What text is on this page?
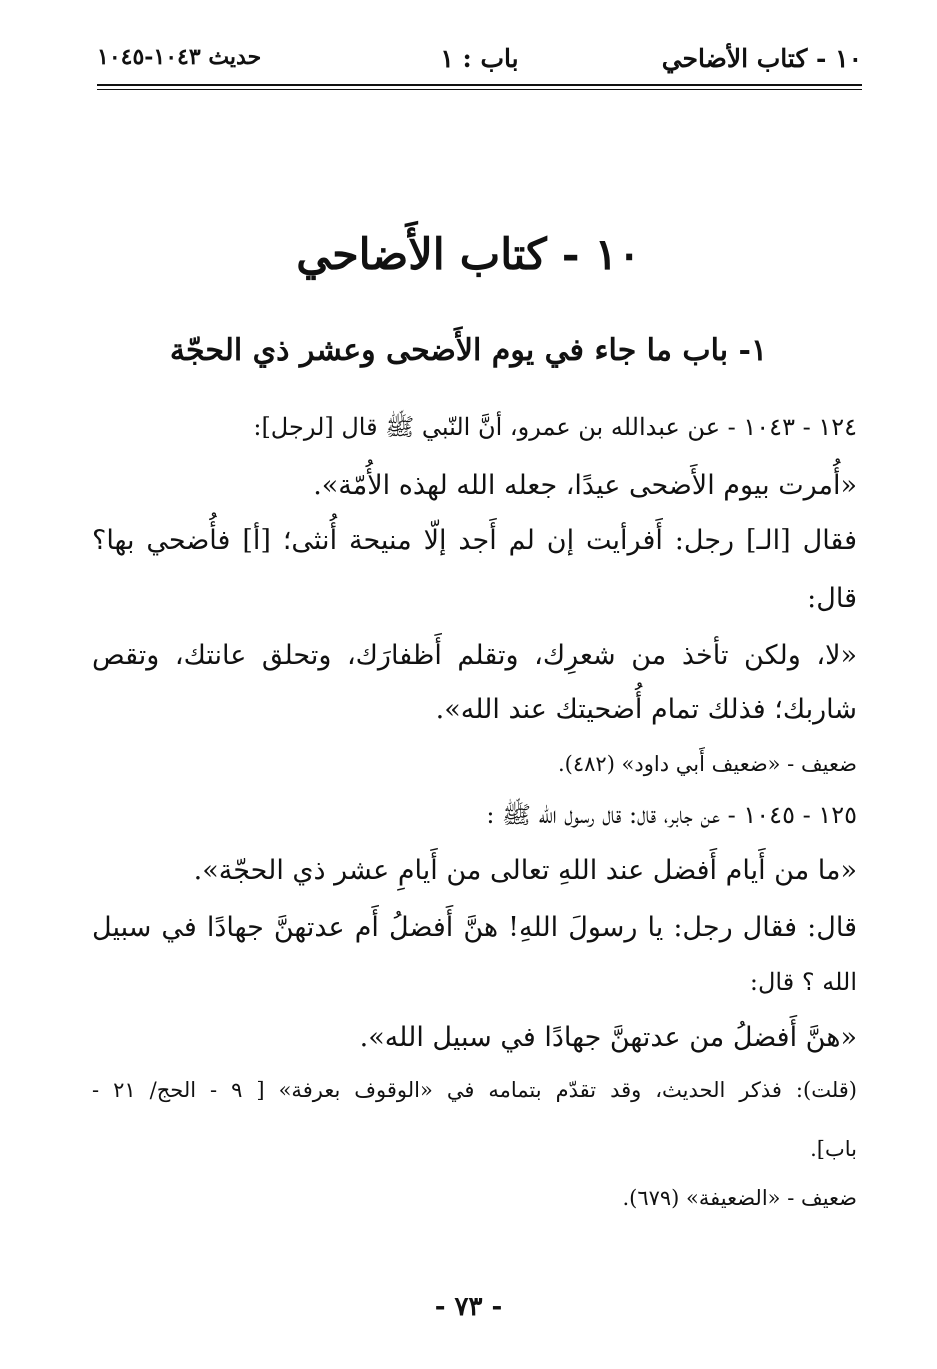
١٠ - كتاب الأضاحي
باب : ١
حديث ١٠٤٣-١٠٤٥
١٠ - كتاب الأَضاحي
١- باب ما جاء في يوم الأَضحى وعشر ذي الحجّة
١٢٤ - ١٠٤٣ - عن عبدالله بن عمرو، أنَّ النّبي ﷺ قال [لرجل]:
«أُمرت بيوم الأَضحى عيدًا، جعله الله لهذه الأُمّة».
فقال [الـ] رجل: أَفرأيت إن لم أَجد إلّا منيحة أُنثى؛ [أ] فأُضحي بها؟
قال:
«لا، ولكن تأخذ من شعرِك، وتقلم أَظفارَك، وتحلق عانتك، وتقص
شاربك؛ فذلك تمام أُضحيتك عند الله».
ضعيف - «ضعيف أَبي داود» (٤٨٢).
١٢٥ - ١٠٤٥ - عن جابر، قال: قال رسول الله ﷺ :
«ما من أَيام أَفضل عند اللهِ تعالى من أَيامِ عشر ذي الحجّة».
قال: فقال رجل: يا رسولَ اللهِ! هنَّ أَفضلُ أَم عدتهنَّ جهادًا في سبيل
الله ؟ قال:
«هنَّ أَفضلُ من عدتهنَّ جهادًا في سبيل الله».
(قلت): فذكر الحديث، وقد تقدّم بتمامه في «الوقوف بعرفة» [ ٩ - الحج/ ٢١ -
باب].
ضعيف - «الضعيفة» (٦٧٩).
- ٧٣ -
